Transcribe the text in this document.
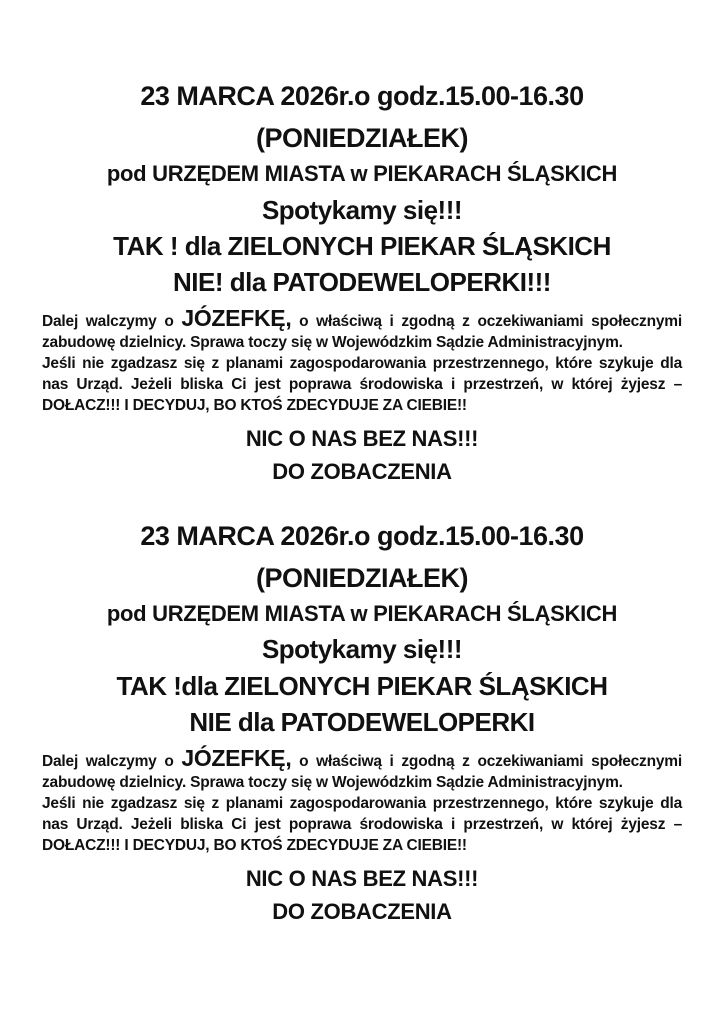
23 MARCA 2026r.o godz.15.00-16.30
(PONIEDZIAŁEK)
pod URZĘDEM MIASTA w PIEKARACH ŚLĄSKICH
Spotykamy się!!!
TAK ! dla ZIELONYCH PIEKAR ŚLĄSKICH
NIE! dla PATODEWELOPERKI!!!

Dalej walczymy o JÓZEFKĘ, o właściwą i zgodną z oczekiwaniami społecznymi zabudowę dzielnicy. Sprawa toczy się w Wojewódzkim Sądzie Administracyjnym.

Jeśli nie zgadzasz się z planami zagospodarowania przestrzennego, które szykuje dla nas Urząd. Jeżeli bliska Ci jest poprawa środowiska i przestrzeń, w której żyjesz – DOŁACZ!!! I DECYDUJ, BO KTOŚ ZDECYDUJE ZA CIEBIE!!

NIC O NAS BEZ NAS!!!
DO ZOBACZENIA
23 MARCA 2026r.o godz.15.00-16.30
(PONIEDZIAŁEK)
pod URZĘDEM MIASTA w PIEKARACH ŚLĄSKICH
Spotykamy się!!!
TAK !dla ZIELONYCH PIEKAR ŚLĄSKICH
NIE dla PATODEWELOPERKI

Dalej walczymy o JÓZEFKĘ, o właściwą i zgodną z oczekiwaniami społecznymi zabudowę dzielnicy. Sprawa toczy się w Wojewódzkim Sądzie Administracyjnym.

Jeśli nie zgadzasz się z planami zagospodarowania przestrzennego, które szykuje dla nas Urząd. Jeżeli bliska Ci jest poprawa środowiska i przestrzeń, w której żyjesz – DOŁACZ!!! I DECYDUJ, BO KTOŚ ZDECYDUJE ZA CIEBIE!!

NIC O NAS BEZ NAS!!!
DO ZOBACZENIA
